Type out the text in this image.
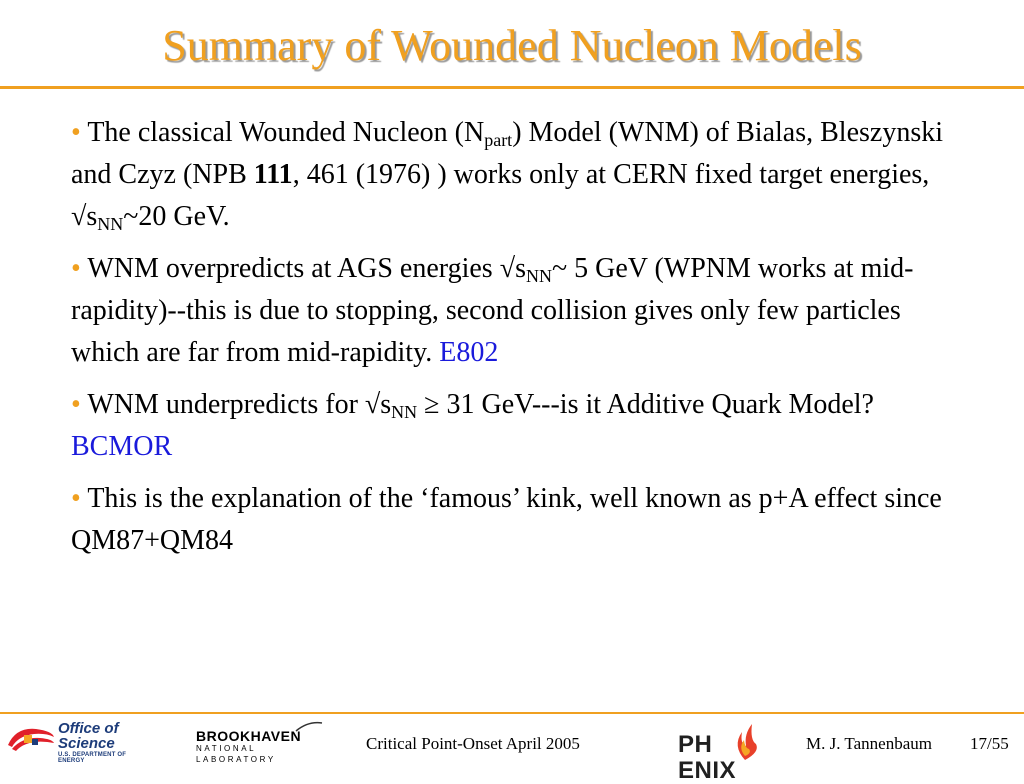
Summary of Wounded Nucleon Models

• The classical Wounded Nucleon $(N_{part})$ Model (WNM) of Bialas, Bleszynski and Czyz (NPB 111, 461 (1976) ) works only at CERN fixed target energies, $√s_{NN}\sim 20$ GeV.

• WNM overpredicts at AGS energies $√s_{NN}\sim$ 5 GeV (WPNM works at mid-rapidity)--this is due to stopping, second collision gives only few particles which are far from mid-rapidity. E802

• WNM underpredicts for $√s_{NN} \ge 31$ GeV---is it Additive Quark Model? BCMOR

• This is the explanation of the ‘famous’ kink, well known as p+A effect since QM87+QM84

Office of
Science
U.S. DEPARTMENT OF ENERGY
BROOKHAVEN
NATIONAL LABORATORY
Critical Point-Onset April 2005	PHENIX
M. J. Tannenbaum 17/55
